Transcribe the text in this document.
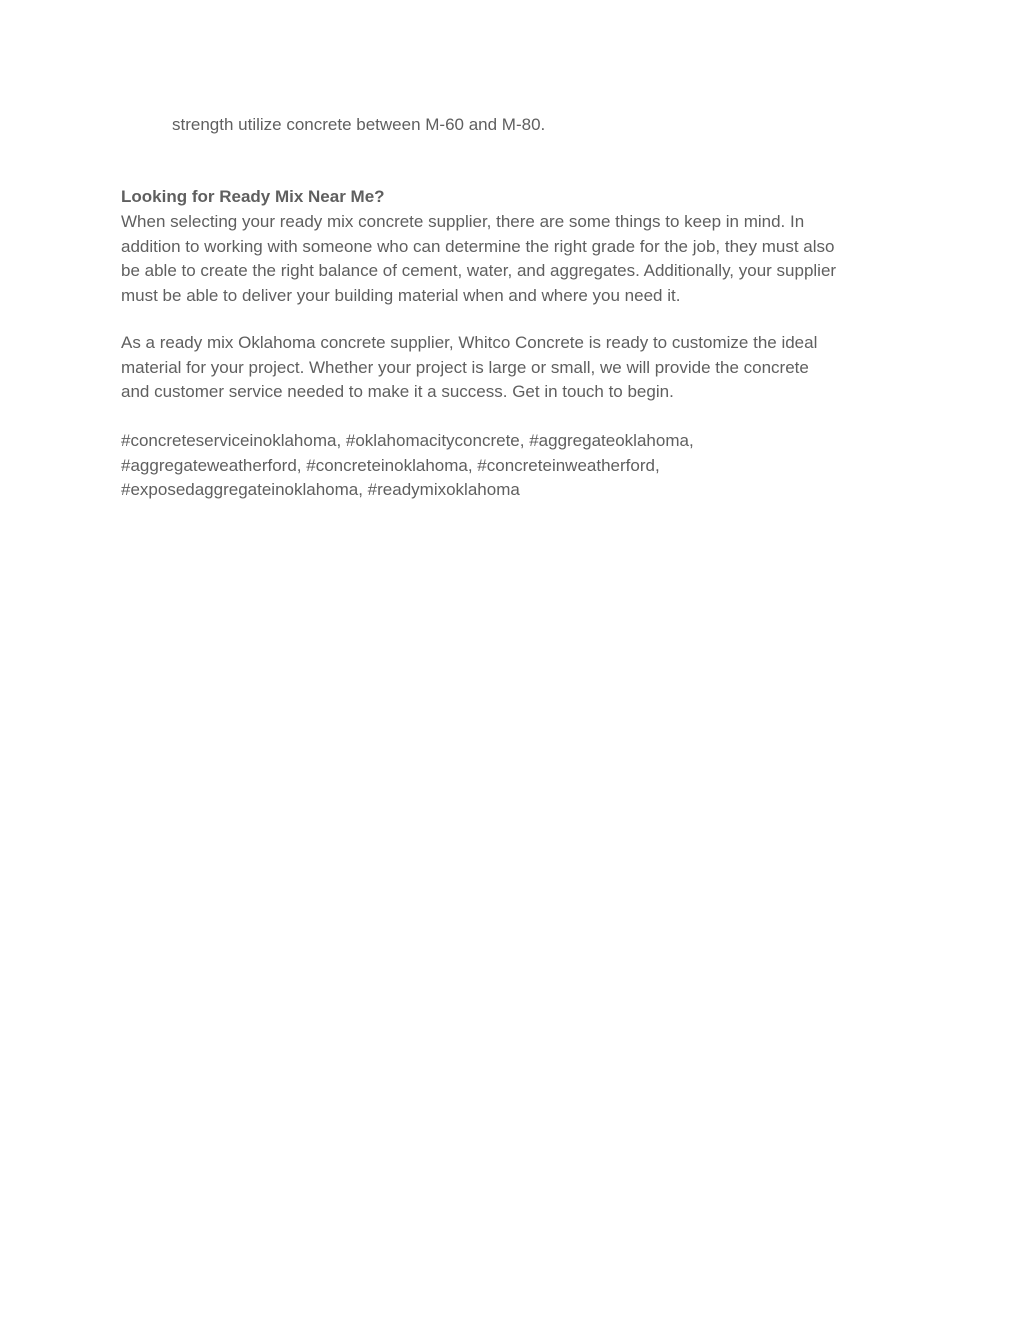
strength utilize concrete between M-60 and M-80.

Looking for Ready Mix Near Me?

When selecting your ready mix concrete supplier, there are some things to keep in mind. In
addition to working with someone who can determine the right grade for the job, they must also
be able to create the right balance of cement, water, and aggregates. Additionally, your supplier
must be able to deliver your building material when and where you need it.

As a ready mix Oklahoma concrete supplier, Whitco Concrete is ready to customize the ideal
material for your project. Whether your project is large or small, we will provide the concrete
and customer service needed to make it a success. Get in touch to begin.

#concreteserviceinoklahoma, #oklahomacityconcrete, #aggregateoklahoma,
#aggregateweatherford, #concreteinoklahoma, #concreteinweatherford,
#exposedaggregateinoklahoma, #readymixoklahoma
